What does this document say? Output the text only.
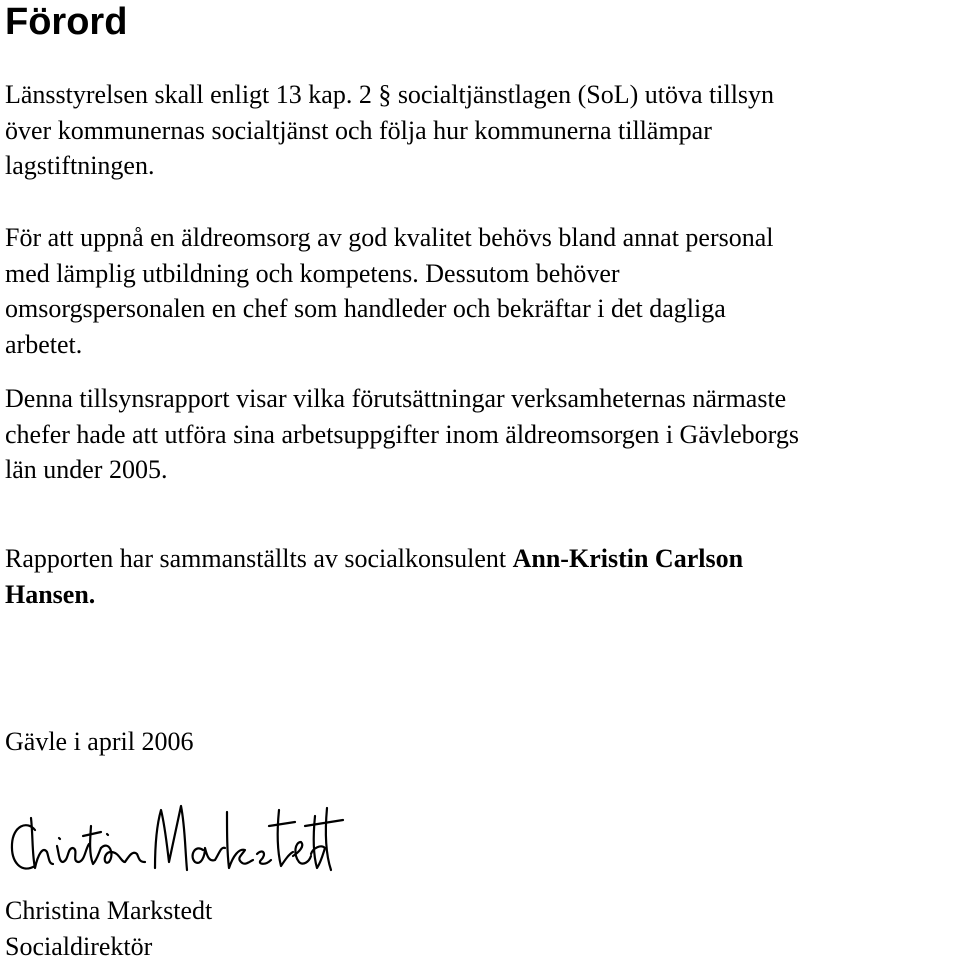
Förord

Länsstyrelsen skall enligt 13 kap. 2 § socialtjänstlagen (SoL) utöva tillsyn
över kommunernas socialtjänst och följa hur kommunerna tillämpar
lagstiftningen.

För att uppnå en äldreomsorg av god kvalitet behövs bland annat personal
med lämplig utbildning och kompetens. Dessutom behöver
omsorgspersonalen en chef som handleder och bekräftar i det dagliga
arbetet.

Denna tillsynsrapport visar vilka förutsättningar verksamheternas närmaste
chefer hade att utföra sina arbetsuppgifter inom äldreomsorgen i Gävleborgs
län under 2005.

Rapporten har sammanställts av socialkonsulent Ann-Kristin Carlson
Hansen.

Gävle i april 2006

Christina Markstedt
Socialdirektör
